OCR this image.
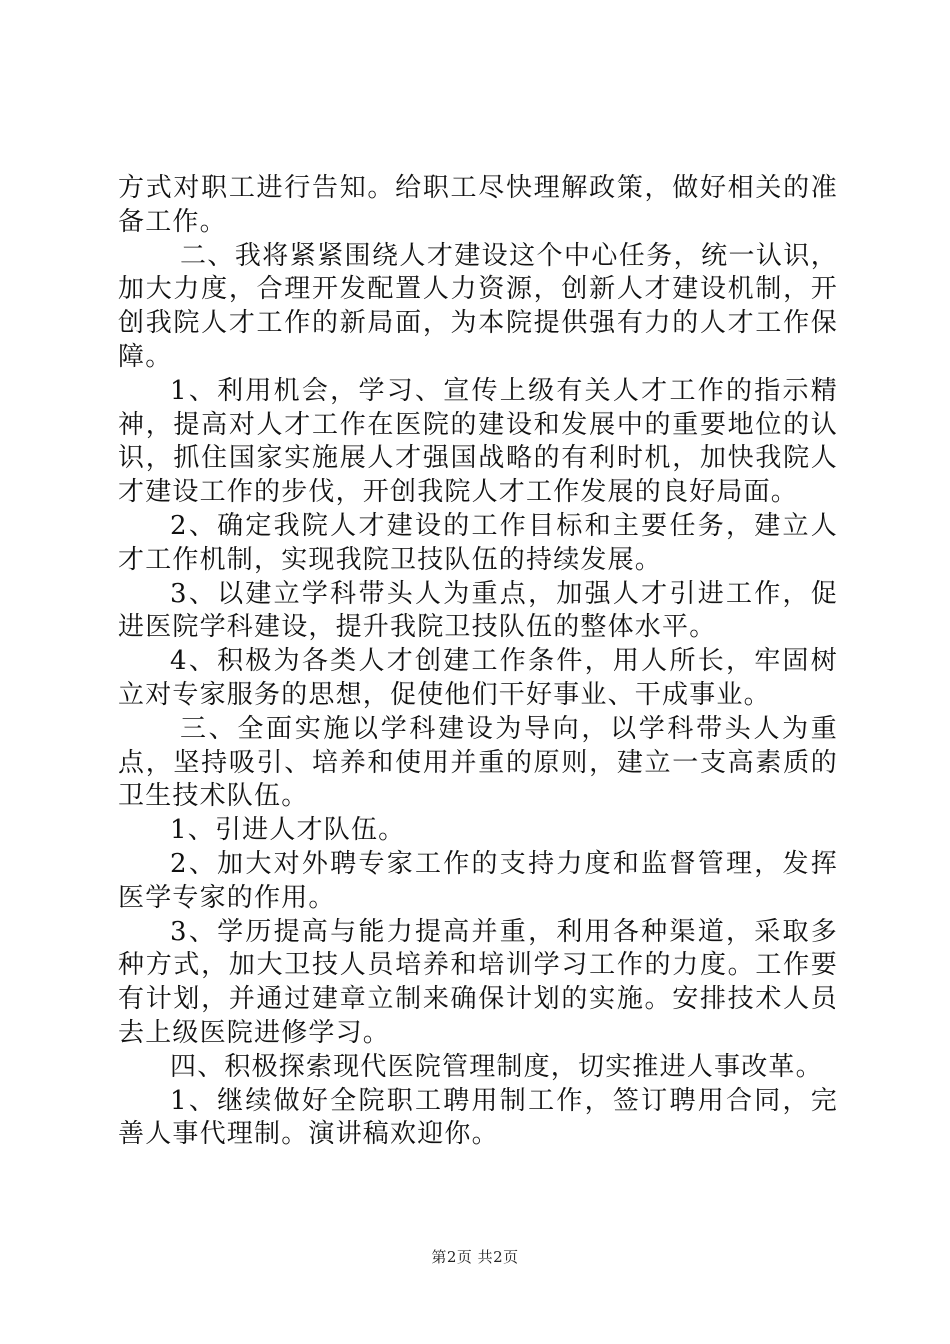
方式对职工进行告知。给职工尽快理解政策，做好相关的准备工作。

二、我将紧紧围绕人才建设这个中心任务，统一认识，加大力度，合理开发配置人力资源，创新人才建设机制，开创我院人才工作的新局面，为本院提供强有力的人才工作保障。

1、利用机会，学习、宣传上级有关人才工作的指示精神，提高对人才工作在医院的建设和发展中的重要地位的认识，抓住国家实施展人才强国战略的有利时机，加快我院人才建设工作的步伐，开创我院人才工作发展的良好局面。

2、确定我院人才建设的工作目标和主要任务，建立人才工作机制，实现我院卫技队伍的持续发展。

3、以建立学科带头人为重点，加强人才引进工作，促进医院学科建设，提升我院卫技队伍的整体水平。

4、积极为各类人才创建工作条件，用人所长，牢固树立对专家服务的思想，促使他们干好事业、干成事业。

三、全面实施以学科建设为导向，以学科带头人为重点，坚持吸引、培养和使用并重的原则，建立一支高素质的卫生技术队伍。

1、引进人才队伍。

2、加大对外聘专家工作的支持力度和监督管理，发挥医学专家的作用。

3、学历提高与能力提高并重，利用各种渠道，采取多种方式，加大卫技人员培养和培训学习工作的力度。工作要有计划，并通过建章立制来确保计划的实施。安排技术人员去上级医院进修学习。

四、积极探索现代医院管理制度，切实推进人事改革。

1、继续做好全院职工聘用制工作，签订聘用合同，完善人事代理制。演讲稿欢迎你。

第2页 共2页
